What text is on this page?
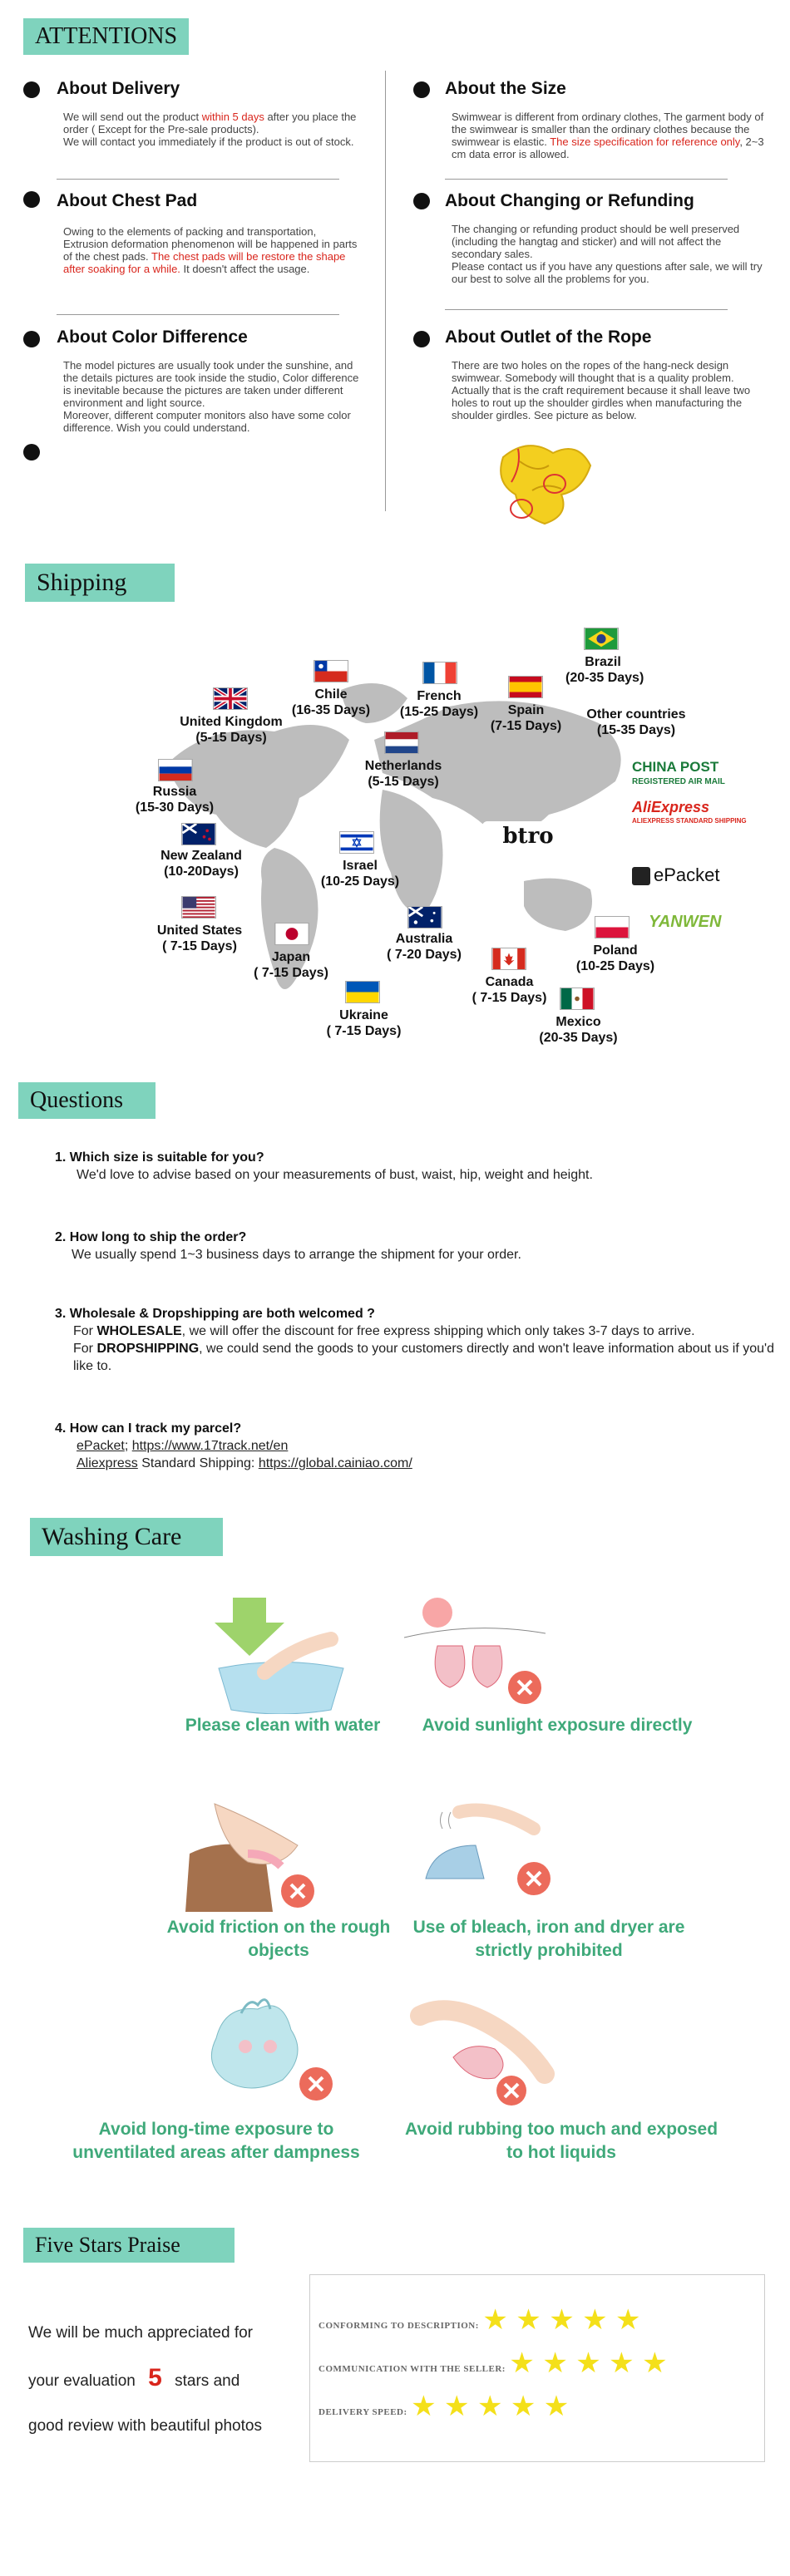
ATTENTIONS
About Delivery
We will send out the product within 5 days after you place the order ( Except for the Pre-sale products).
We will contact you immediately if the product is out of stock.
About the Size
Swimwear is different from ordinary clothes, The garment body of the swimwear is smaller than the ordinary clothes because the swimwear is elastic. The size specification for reference only, 2~3 cm data error is allowed.
About Chest Pad
Owing to the elements of packing and transportation, Extrusion deformation phenomenon will be happened in parts of the chest pads. The chest pads will be restore the shape after soaking for a while. It doesn't affect the usage.
About Changing or Refunding
The changing or refunding product should be well preserved (including the hangtag and sticker) and will not affect the secondary sales.
Please contact us if you have any questions after sale, we will try our best to solve all the problems for you.
About Color Difference
The model pictures are usually took under the sunshine, and the details pictures are took inside the studio, Color difference is inevitable because the pictures are taken under different environment and light source.
Moreover, different computer monitors also have some color difference. Wish you could understand.
About Outlet of the Rope
There are two holes on the ropes of the hang-neck design swimwear. Somebody will thought that is a quality problem. Actually that is the craft requirement because it shall leave two holes to rout up the shoulder girdles when manufacturing the shoulder girdles. See picture as below.
Shipping
Brazil
(20-35 Days)
Chile
(16-35 Days)
French
(15-25 Days)	Spain
(7-15 Days)
United Kingdom
(5-15 Days)
Other countries
(15-35 Days)
Netherlands
(5-15 Days)
Russia
(15-30 Days)
New Zealand
(10-20Days)	Israel
(10-25 Days)
btro
CHINA POST
REGISTERED AIR MAIL
AliExpress
ALIEXPRESS STANDARD SHIPPING
ePacket
YANWEN
United States
( 7-15 Days)
Japan
( 7-15 Days)
Australia
( 7-20 Days)	Poland
(10-25 Days)
Canada
( 7-15 Days)
Ukraine
( 7-15 Days)
Mexico
(20-35 Days)
Questions
1. Which size is suitable for you?
We'd love to advise based on your measurements of bust, waist, hip, weight and height.
2. How long to ship the order?
We usually spend 1~3 business days to arrange the shipment for your order.
3. Wholesale & Dropshipping are both welcomed ?
For WHOLESALE, we will offer the discount for free express shipping which only takes 3-7 days to arrive.
For DROPSHIPPING, we could send the goods to your customers directly and won't leave information about us if you'd like to.
4. How can I track my parcel?
ePacket; https://www.17track.net/en
Aliexpress Standard Shipping: https://global.cainiao.com/
Washing Care
Please clean with water	Avoid sunlight exposure directly
Avoid friction on the rough objects
Use of bleach, iron and dryer are strictly prohibited
Avoid long-time exposure to unventilated areas after dampness
Avoid rubbing too much and exposed to hot liquids
Five Stars Praise
We will be much appreciated for
your evaluation 5 stars and
good review with beautiful photos
CONFORMING TO DESCRIPTION: ★ ★ ★ ★ ★
COMMUNICATION WITH THE SELLER: ★ ★ ★ ★ ★
DELIVERY SPEED: ★ ★ ★ ★ ★
